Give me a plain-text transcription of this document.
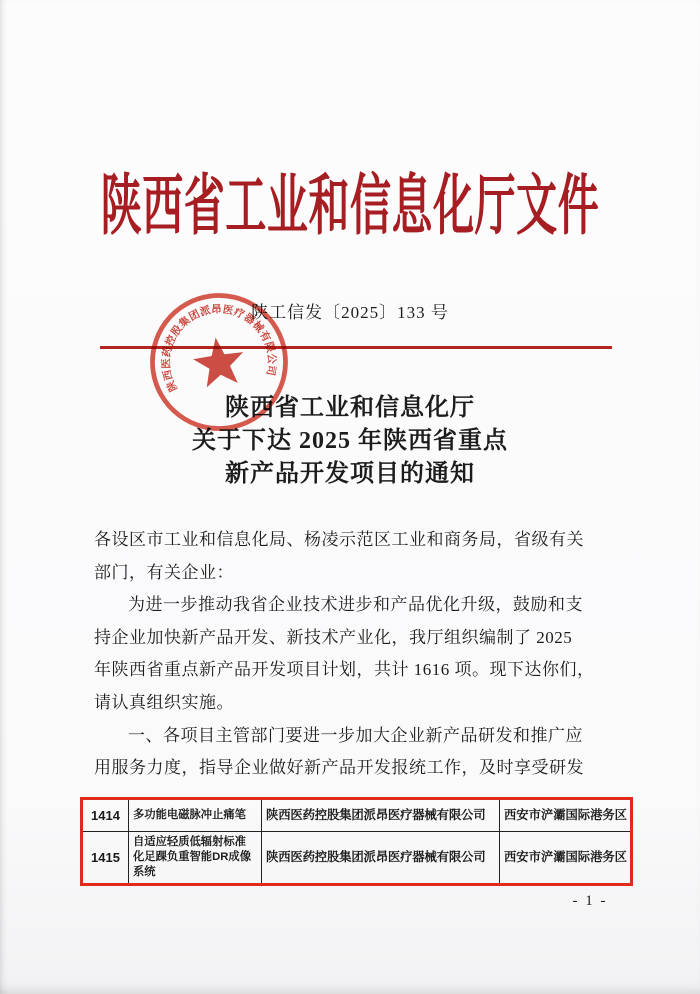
陕西省工业和信息化厅文件
陕工信发〔2025〕133 号
陕西医药控股集团派昂医疗器械有限公司
陕西省工业和信息化厅
关于下达 2025 年陕西省重点
新产品开发项目的通知
各设区市工业和信息化局、杨凌示范区工业和商务局，省级有关
部门，有关企业：
为进一步推动我省企业技术进步和产品优化升级，鼓励和支
持企业加快新产品开发、新技术产业化，我厅组织编制了 2025
年陕西省重点新产品开发项目计划，共计 1616 项。现下达你们，
请认真组织实施。
一、各项目主管部门要进一步加大企业新产品研发和推广应
用服务力度，指导企业做好新产品开发报统工作，及时享受研发
1414	多功能电磁脉冲止痛笔	陕西医药控股集团派昂医疗器械有限公司	西安市浐灞国际港务区
1415	自适应轻质低辐射标准化足踝负重智能DR成像系统	陕西医药控股集团派昂医疗器械有限公司	西安市浐灞国际港务区
- 1 -
